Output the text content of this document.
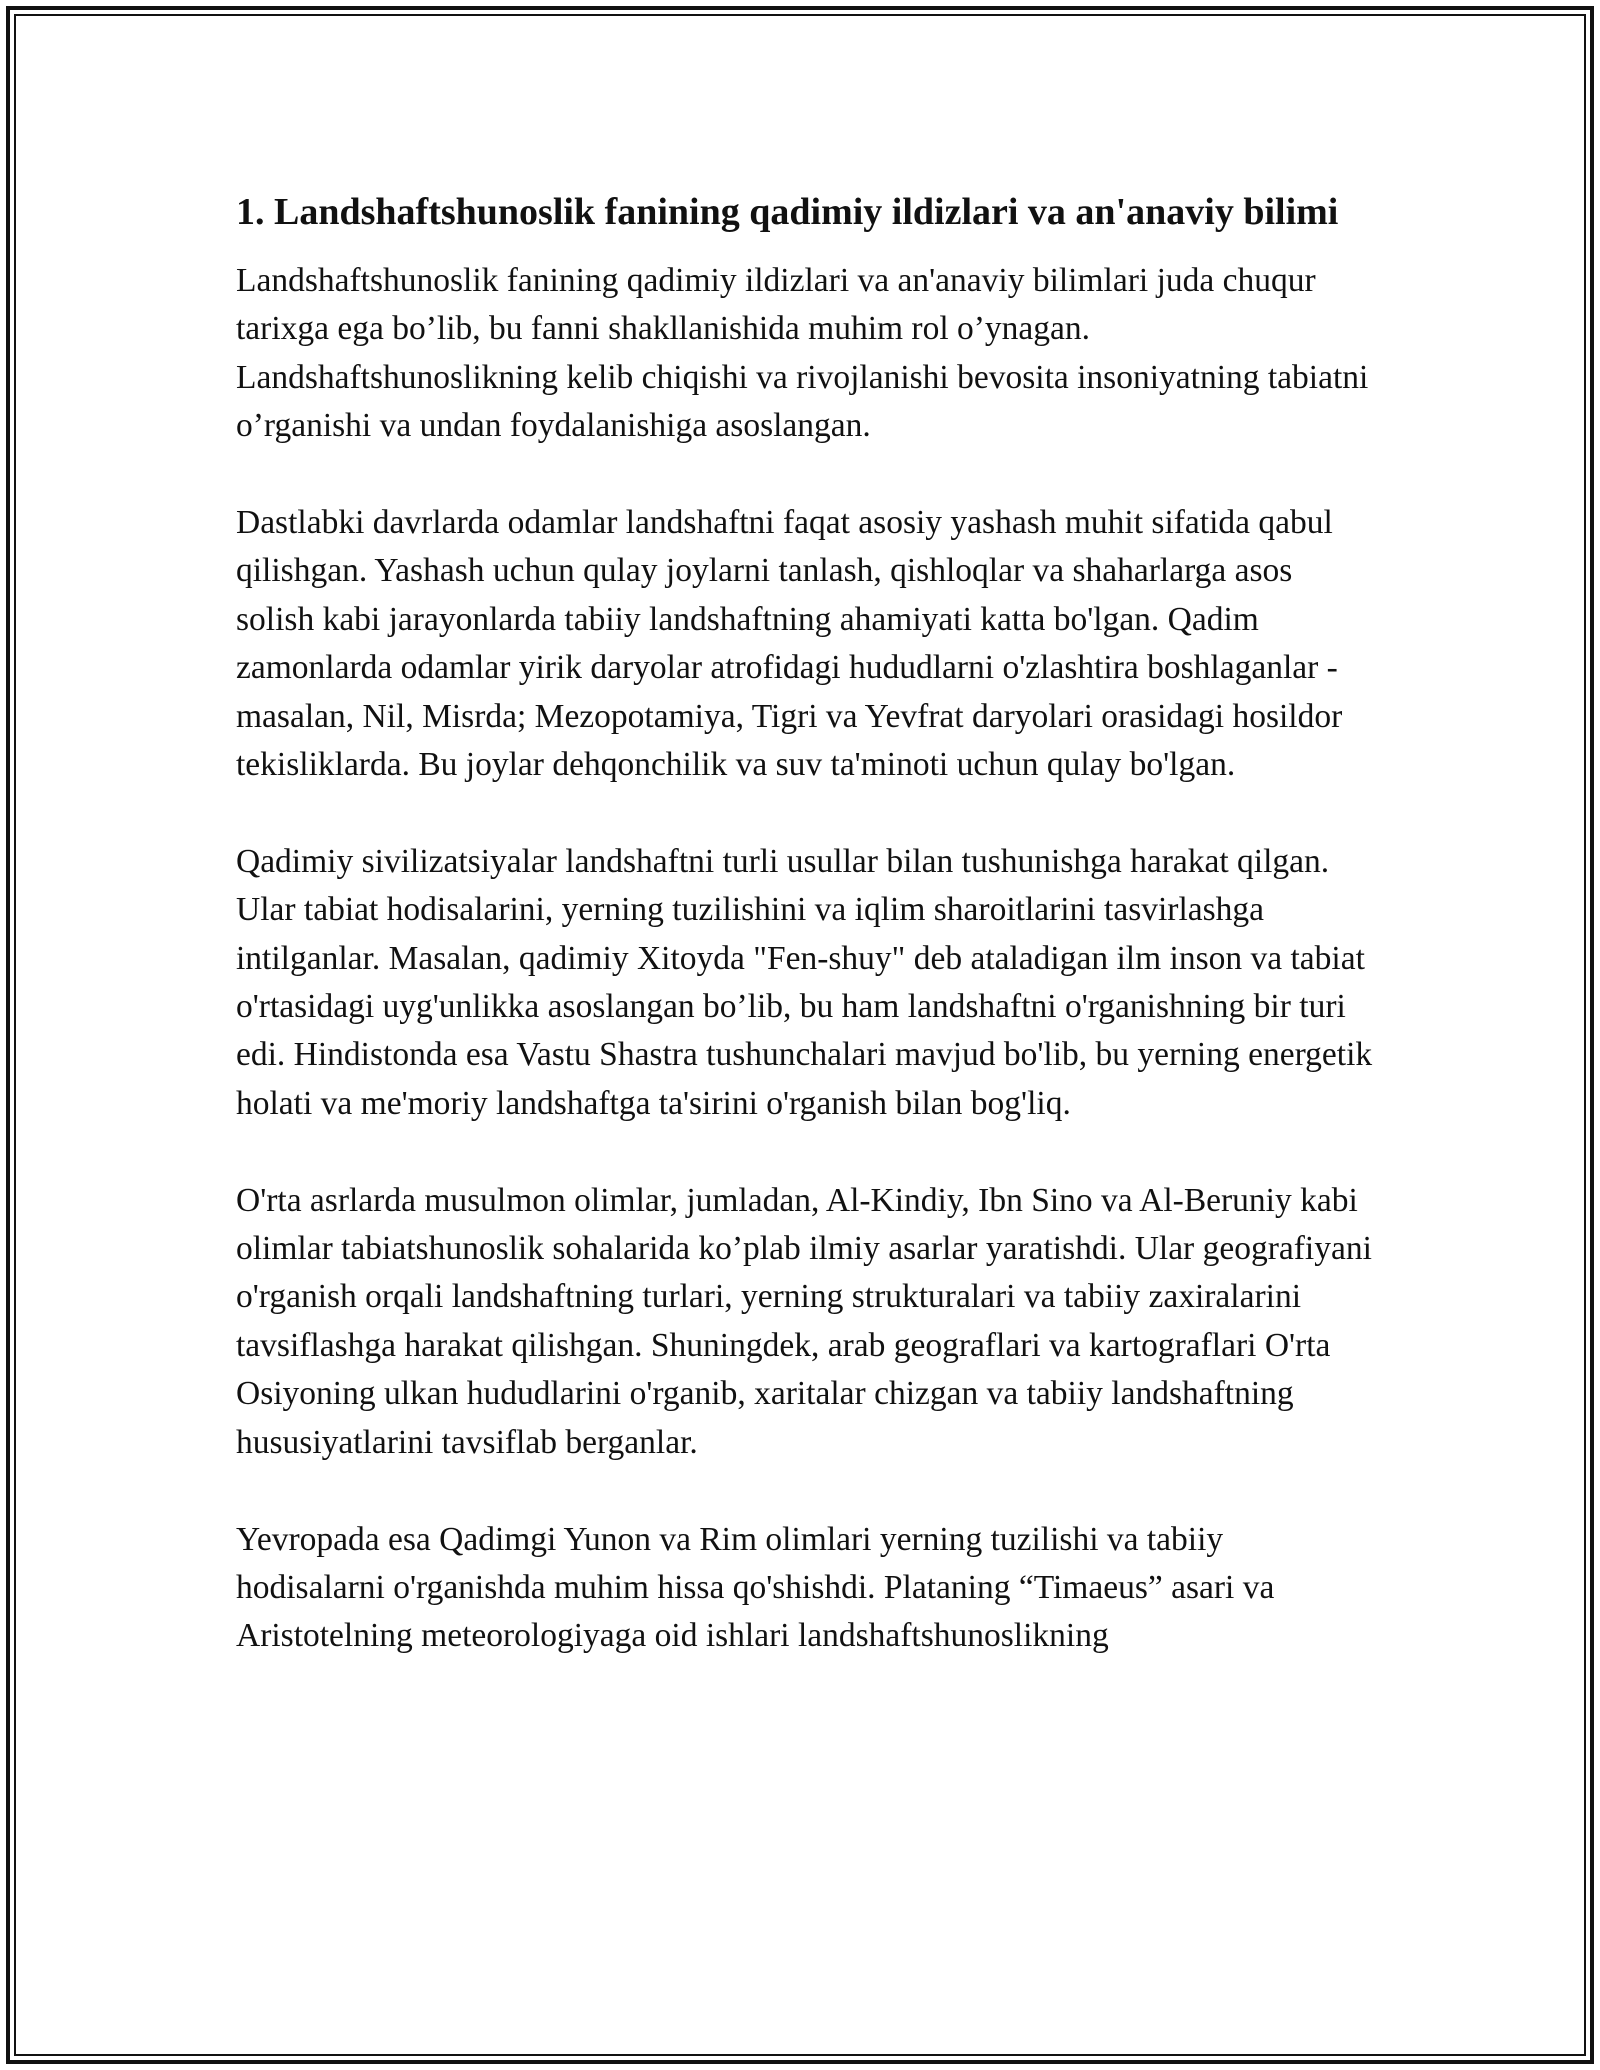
1. Landshaftshunoslik fanining qadimiy ildizlari va an'anaviy bilimi

Landshaftshunoslik fanining qadimiy ildizlari va an'anaviy bilimlari juda chuqur tarixga ega bo’lib, bu fanni shakllanishida muhim rol o’ynagan. Landshaftshunoslikning kelib chiqishi va rivojlanishi bevosita insoniyatning tabiatni o’rganishi va undan foydalanishiga asoslangan.

Dastlabki davrlarda odamlar landshaftni faqat asosiy yashash muhit sifatida qabul qilishgan. Yashash uchun qulay joylarni tanlash, qishloqlar va shaharlarga asos solish kabi jarayonlarda tabiiy landshaftning ahamiyati katta bo'lgan. Qadim zamonlarda odamlar yirik daryolar atrofidagi hududlarni o'zlashtira boshlaganlar - masalan, Nil, Misrda; Mezopotamiya, Tigri va Yevfrat daryolari orasidagi hosildor tekisliklarda. Bu joylar dehqonchilik va suv ta'minoti uchun qulay bo'lgan.

Qadimiy sivilizatsiyalar landshaftni turli usullar bilan tushunishga harakat qilgan. Ular tabiat hodisalarini, yerning tuzilishini va iqlim sharoitlarini tasvirlashga intilganlar. Masalan, qadimiy Xitoyda "Fen-shuy" deb ataladigan ilm inson va tabiat o'rtasidagi uyg'unlikka asoslangan bo’lib, bu ham landshaftni o'rganishning bir turi edi. Hindistonda esa Vastu Shastra tushunchalari mavjud bo'lib, bu yerning energetik holati va me'moriy landshaftga ta'sirini o'rganish bilan bog'liq.

O'rta asrlarda musulmon olimlar, jumladan, Al-Kindiy, Ibn Sino va Al-Beruniy kabi olimlar tabiatshunoslik sohalarida ko’plab ilmiy asarlar yaratishdi. Ular geografiyani o'rganish orqali landshaftning turlari, yerning strukturalari va tabiiy zaxiralarini tavsiflashga harakat qilishgan. Shuningdek, arab geograflari va kartograflari O'rta Osiyoning ulkan hududlarini o'rganib, xaritalar chizgan va tabiiy landshaftning hususiyatlarini tavsiflab berganlar.

Yevropada esa Qadimgi Yunon va Rim olimlari yerning tuzilishi va tabiiy hodisalarni o'rganishda muhim hissa qo'shishdi. Plataning “Timaeus” asari va Aristotelning meteorologiyaga oid ishlari landshaftshunoslikning
